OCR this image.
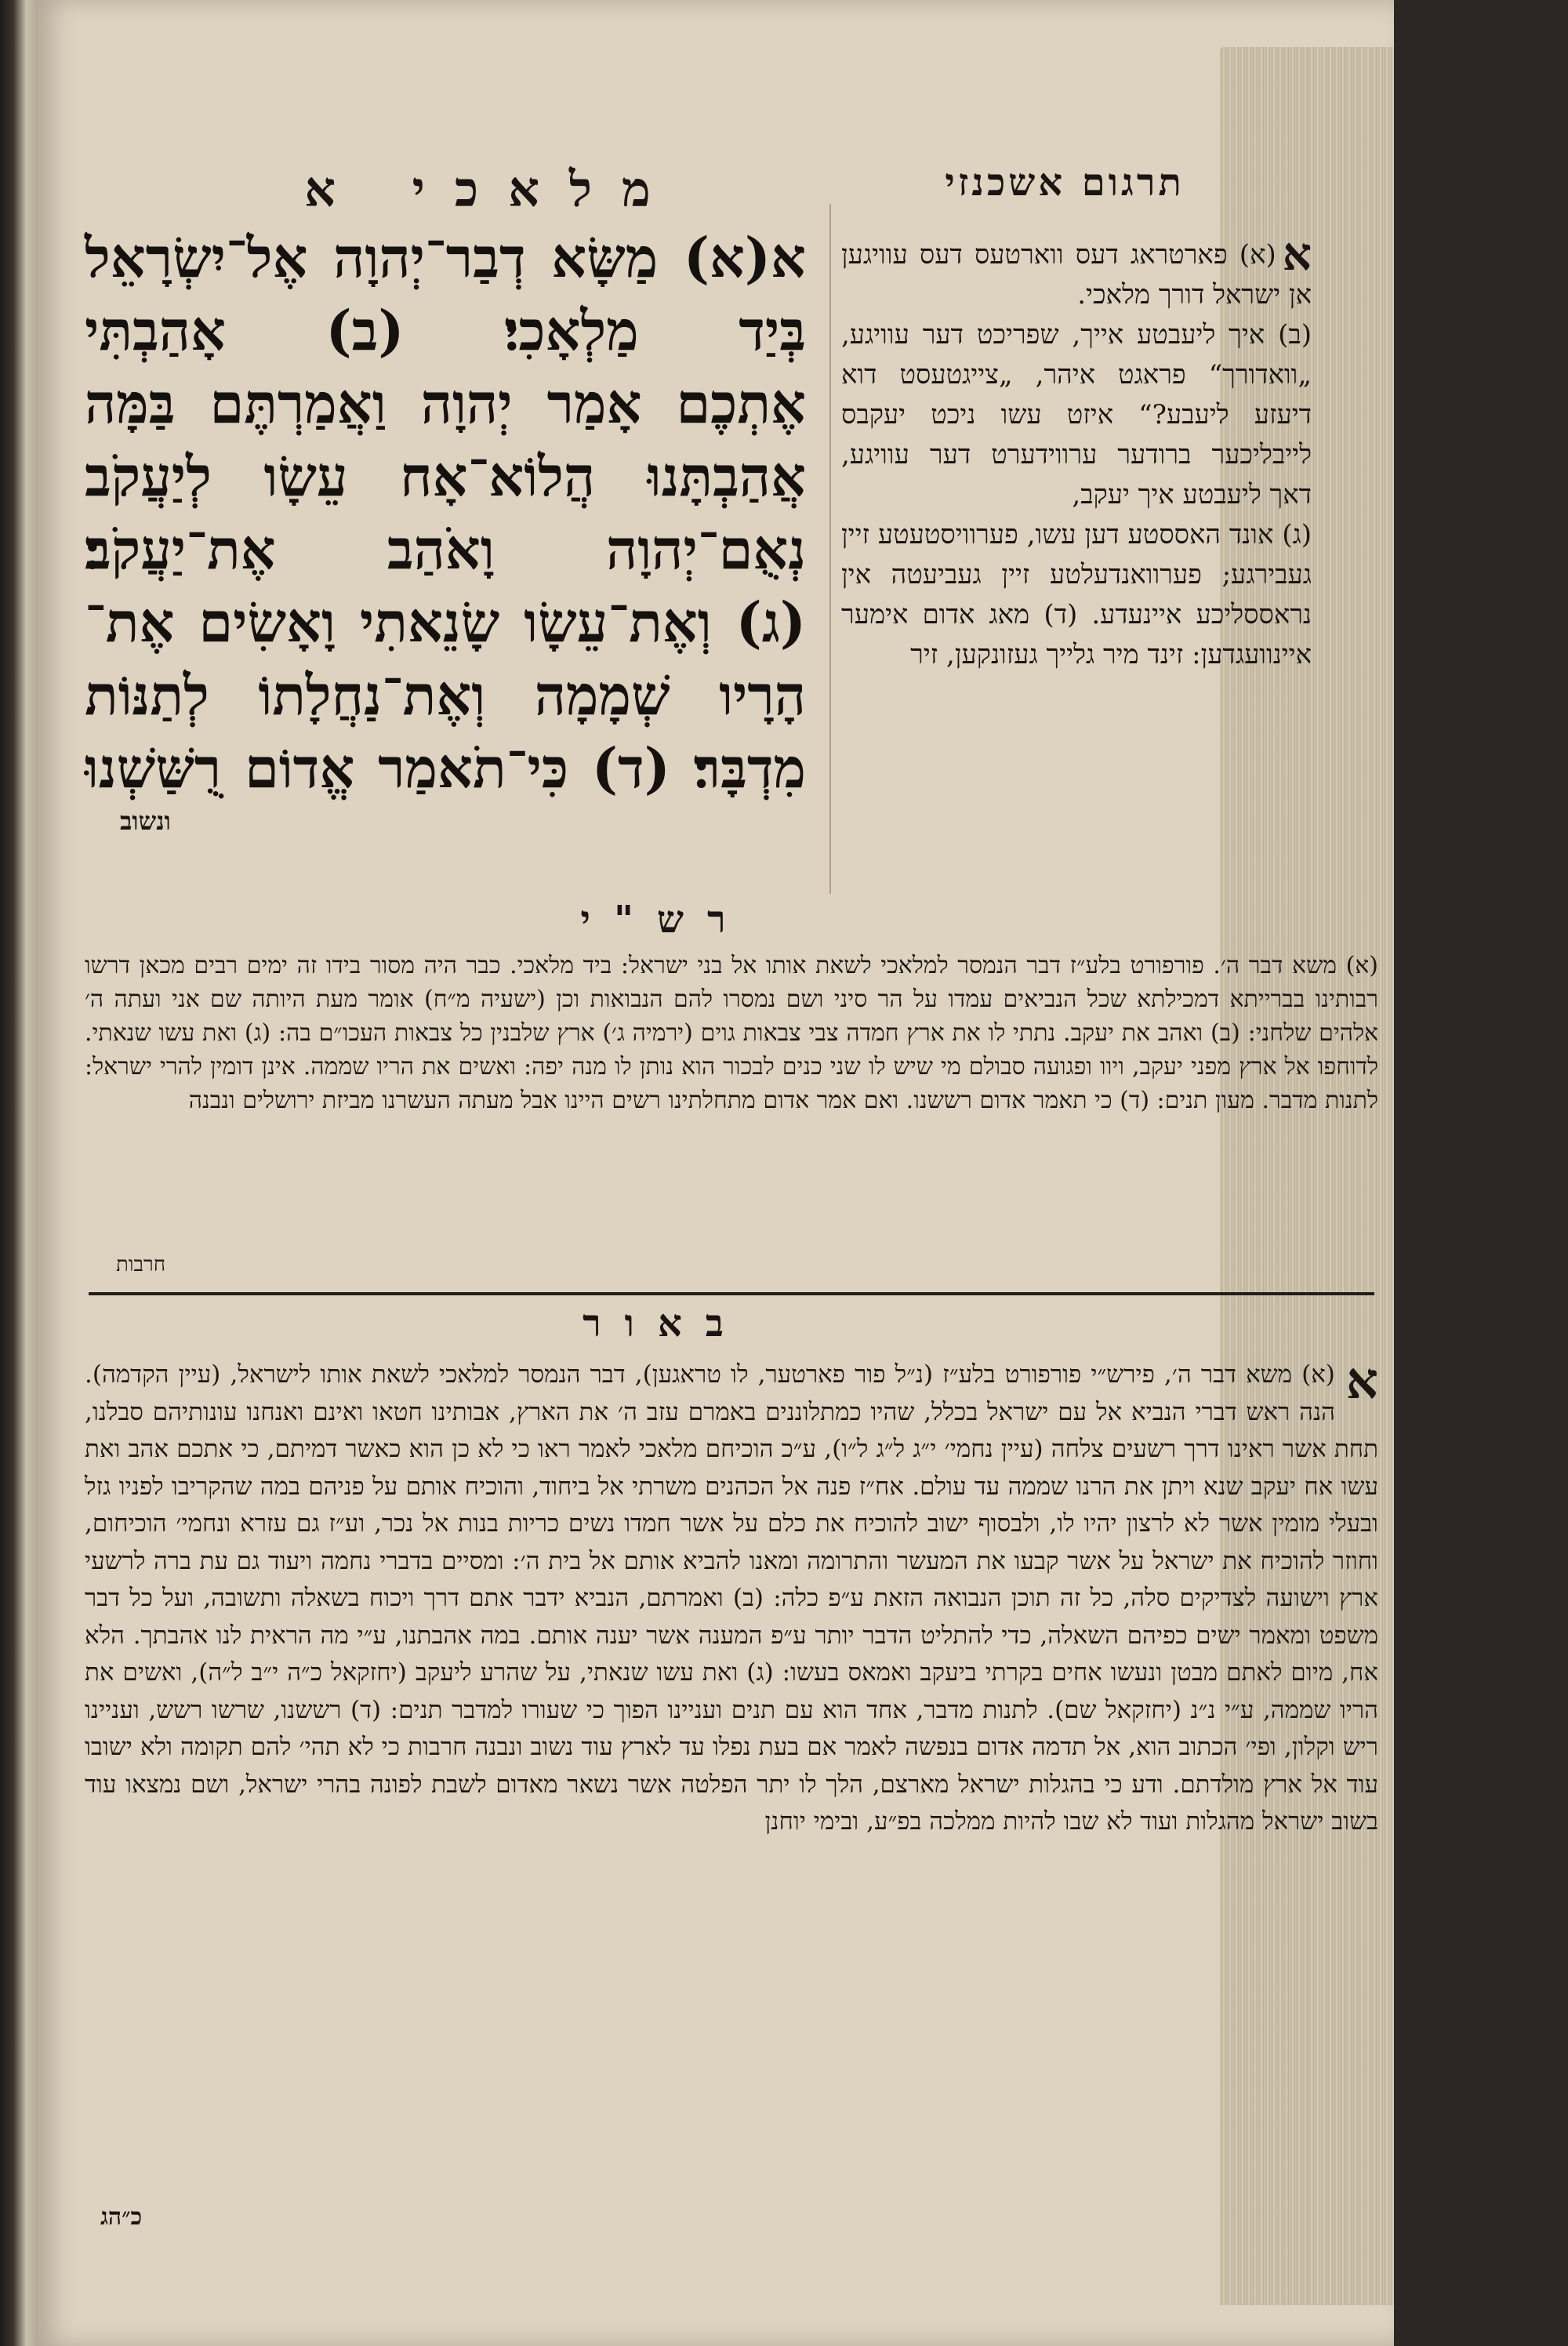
מלאכי א	תרגום אשכנזי

א(א) מַשָּׂא דְבַר־יְהוָה אֶל־יִשְׂרָאֵל

בְּיַד מַלְאָכִי׃ (ב) אָהַבְתִּי

אֶתְכֶם אָמַר יְהוָה וַאֲמַרְתֶּם בַּמָּה

אֲהַבְתָּנוּ הֲלוֹא־אָח עֵשָׂו לְיַעֲקֹב

נְאֻם־יְהוָה וָאֹהַב אֶת־יַעֲקֹב׃

(ג) וְאֶת־עֵשָׂו שָׂנֵאתִי וָאָשִׂים אֶת־

הָרָיו שְׁמָמָה וְאֶת־נַחֲלָתוֹ לְתַנּוֹת

מִדְבָּר׃ (ד) כִּי־תֹאמַר אֱדוֹם רֻשַּׁשְׁנוּ

ונשוב

א(א) פארטראג דעס ווארטעס דעס עוויגען אן ישראל דורך מלאכי.

(ב) איך ליעבטע אייך, שפריכט דער עוויגע, „וואדורך“ פראגט איהר, „צייגטעסט דוא דיעזע ליעבע?“ איזט עשו ניכט יעקבס לייבליכער ברודער ערווידערט דער עוויגע, דאך ליעבטע איך יעקב,

(ג) אונד האססטע דען עשו, פערוויסטעטע זיין געבירגע; פערוואנדעלטע זיין געביעטה אין נראססליכע איינעדע. (ד) מאג אדום אימער איינוועגדען: זינד מיר גלייך געזונקען, זיר

רש"י

(א) משא דבר ה׳. פורפורט בלע״ז דבר הנמסר למלאכי לשאת אותו אל בני ישראל: ביד מלאכי. כבר היה מסור בידו זה ימים רבים מכאן דרשו רבותינו בברייתא דמכילתא שכל הנביאים עמדו על הר סיני ושם נמסרו להם הנבואות וכן (ישעיה מ״ח) אומר מעת היותה שם אני ועתה ה׳ אלהים שלחני: (ב) ואהב את יעקב. נתתי לו את ארץ חמדה צבי צבאות גוים (ירמיה ג׳) ארץ שלבנין כל צבאות העכו״ם בה: (ג) ואת עשו שנאתי. לדוחפו אל ארץ מפני יעקב, ויוו ופגועה סבולם מי שיש לו שני כנים לבכור הוא נותן לו מנה יפה: ואשים את הריו שממה. אינן דומין להרי ישראל: לתנות מדבר. מעון תנים: (ד) כי תאמר אדום רששנו. ואם אמר אדום מתחלתינו רשים היינו אבל מעתה העשרנו מביזת ירושלים ונבנה

חרבות
באור
א

(א) משא דבר ה׳, פירש״י פורפורט בלע״ז (נ״ל פור פארטער, לו טראגען), דבר הנמסר למלאכי לשאת אותו לישראל, (עיין הקדמה). הנה ראש דברי הנביא אל עם ישראל בכלל, שהיו כמתלוננים באמרם עזב ה׳ את הארץ, אבותינו חטאו ואינם ואנחנו עונותיהם סבלנו, תחת אשר ראינו דרך רשעים צלחה (עיין נחמי׳ י״ג ל״ג ל״ו), ע״כ הוכיחם מלאכי לאמר ראו כי לא כן הוא כאשר דמיתם, כי אתכם אהב ואת עשו אח יעקב שנא ויתן את הרנו שממה עד עולם. אח״ז פנה אל הכהנים משרתי אל ביחוד, והוכיח אותם על פניהם במה שהקריבו לפניו גזל ובעלי מומין אשר לא לרצון יהיו לו, ולבסוף ישוב להוכיח את כלם על אשר חמדו נשים כריות בנות אל נכר, וע״ז גם עזרא ונחמי׳ הוכיחום, וחוזר להוכיח את ישראל על אשר קבעו את המעשר והתרומה ומאנו להביא אותם אל בית ה׳: ומסיים בדברי נחמה ויעוד גם עת ברה לרשעי ארץ וישועה לצדיקים סלה, כל זה תוכן הנבואה הזאת ע״פ כלה: (ב) ואמרתם, הנביא ידבר אתם דרך ויכוח בשאלה ותשובה, ועל כל דבר משפט ומאמר ישים כפיהם השאלה, כדי להתליט הדבר יותר ע״פ המענה אשר יענה אותם. במה אהבתנו, ע״י מה הראית לנו אהבתך. הלא אח, מיום לאתם מבטן ונעשו אחים בקרתי ביעקב ואמאס בעשו: (ג) ואת עשו שנאתי, על שהרע ליעקב (יחזקאל כ״ה י״ב ל״ה), ואשים את הריו שממה, ע״י נ״נ (יחזקאל שם). לתנות מדבר, אחד הוא עם תנים ועניינו הפוך כי שעורו למדבר תנים: (ד) רששנו, שרשו רשש, ועניינו ריש וקלון, ופי׳ הכתוב הוא, אל תדמה אדום בנפשה לאמר אם בעת נפלו עד לארץ עוד נשוב ונבנה חרבות כי לא תהי׳ להם תקומה ולא ישובו עוד אל ארץ מולדתם. ודע כי בהגלות ישראל מארצם, הלך לו יתר הפלטה אשר נשאר מאדום לשבת לפונה בהרי ישראל, ושם נמצאו עוד בשוב ישראל מהגלות ועוד לא שבו להיות ממלכה בפ״ע, ובימי יוחנן

כ״הג
